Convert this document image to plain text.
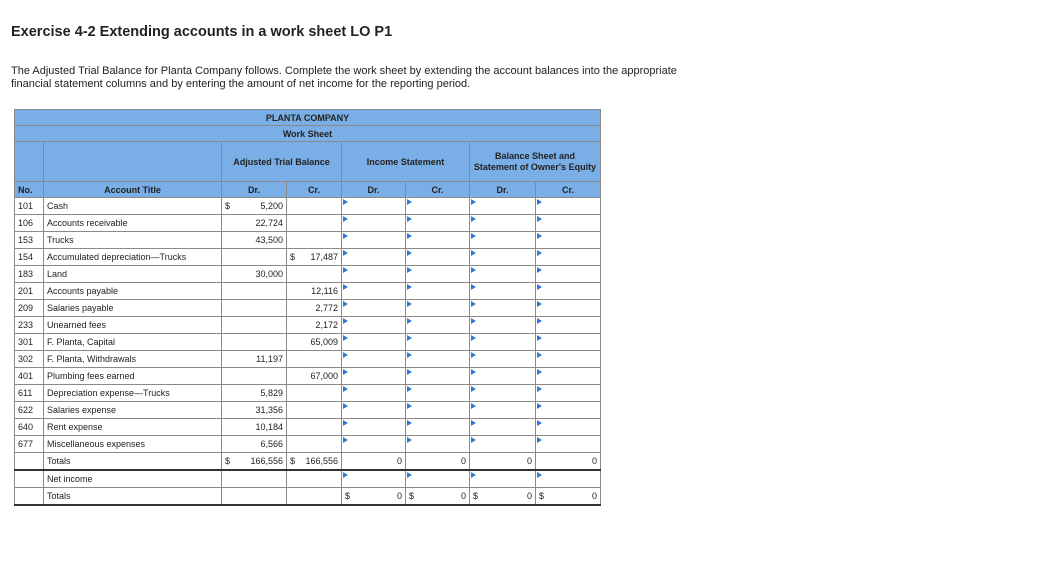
Exercise 4-2 Extending accounts in a work sheet LO P1
The Adjusted Trial Balance for Planta Company follows. Complete the work sheet by extending the account balances into the appropriate financial statement columns and by entering the amount of net income for the reporting period.
PLANTA COMPANY							
Work Sheet							
		Adjusted Trial Balance		Income Statement		Balance Sheet and Statement of Owner's Equity	
No.	Account Title	Dr.	Cr.	Dr.	Cr.	Dr.	Cr.
101	Cash	$ 5,200					

106	Accounts receivable	22,724					

153	Trucks	43,500					

154	Accumulated depreciation—Trucks		$ 17,487				

183	Land	30,000					

201	Accounts payable		12,116				

209	Salaries payable		2,772				

233	Unearned fees		2,172				

301	F. Planta, Capital		65,009				

302	F. Planta, Withdrawals	11,197					

401	Plumbing fees earned		67,000				

611	Depreciation expense—Trucks	5,829					

622	Salaries expense	31,356					

640	Rent expense	10,184					

677	Miscellaneous expenses	6,566					

	Totals	$ 166,556	$ 166,556	0	0	0	0
	Net income						
	Totals			$ 0	$ 0	$ 0	$ 0
